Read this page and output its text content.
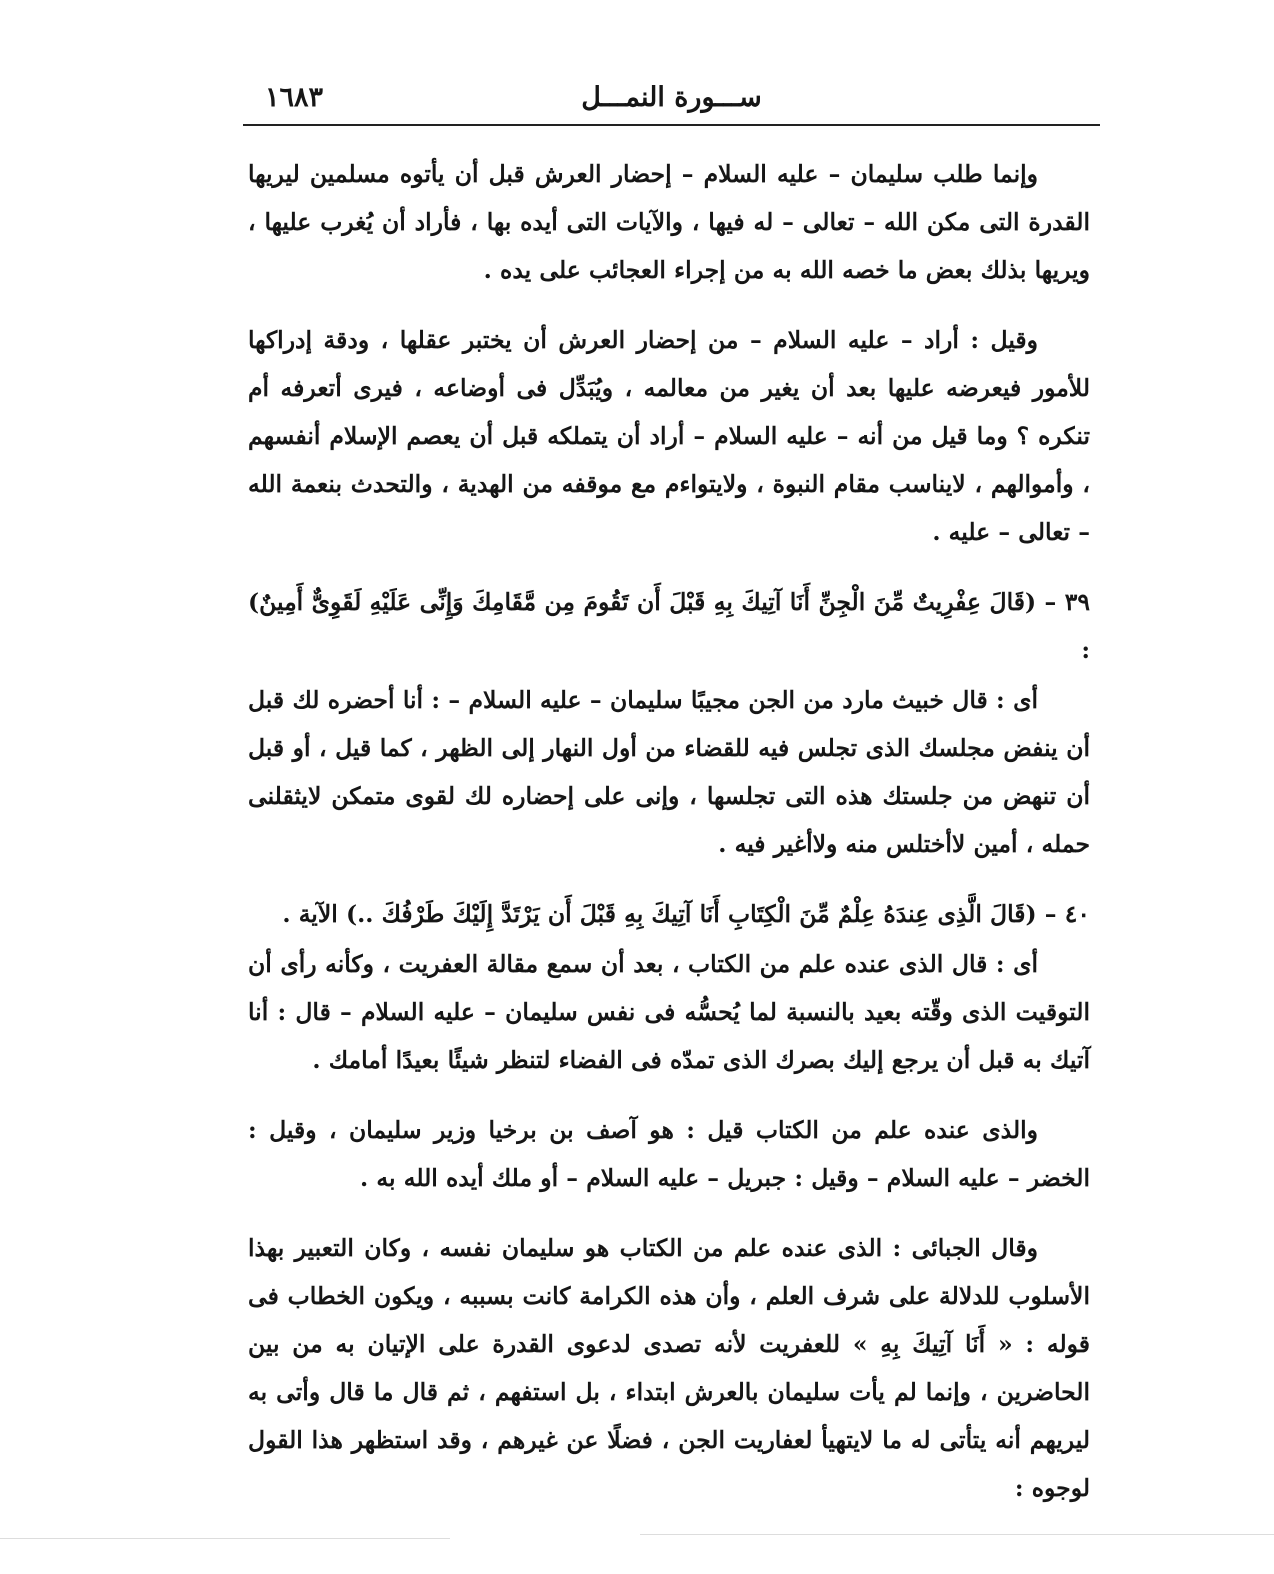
ســـورة النمـــل
١٦٨٣

وإنما طلب سليمان – عليه السلام – إحضار العرش قبل أن يأتوه مسلمين ليريها القدرة التى مكن الله – تعالى – له فيها ، والآيات التى أيده بها ، فأراد أن يُغرب عليها ، ويريها بذلك بعض ما خصه الله به من إجراء العجائب على يده .

وقيل : أراد – عليه السلام – من إحضار العرش أن يختبر عقلها ، ودقة إدراكها للأمور فيعرضه عليها بعد أن يغير من معالمه ، ويُبَدِّل فى أوضاعه ، فيرى أتعرفه أم تنكره ؟ وما قيل من أنه – عليه السلام – أراد أن يتملكه قبل أن يعصم الإسلام أنفسهم ، وأموالهم ، لايناسب مقام النبوة ، ولايتواءم مع موقفه من الهدية ، والتحدث بنعمة الله – تعالى – عليه .

٣٩ – (قَالَ عِفْرِيتٌ مِّنَ الْجِنِّ أَنَا آتِيكَ بِهِ قَبْلَ أَن تَقُومَ مِن مَّقَامِكَ وَإِنِّى عَلَيْهِ لَقَوِىٌّ أَمِينٌ) :

أى : قال خبيث مارد من الجن مجيبًا سليمان – عليه السلام – : أنا أحضره لك قبل أن ينفض مجلسك الذى تجلس فيه للقضاء من أول النهار إلى الظهر ، كما قيل ، أو قبل أن تنهض من جلستك هذه التى تجلسها ، وإنى على إحضاره لك لقوى متمكن لايثقلنى حمله ، أمين لاأختلس منه ولاأغير فيه .

٤٠ – (قَالَ الَّذِى عِندَهُ عِلْمٌ مِّنَ الْكِتَابِ أَنَا آتِيكَ بِهِ قَبْلَ أَن يَرْتَدَّ إِلَيْكَ طَرْفُكَ ..) الآية .

أى : قال الذى عنده علم من الكتاب ، بعد أن سمع مقالة العفريت ، وكأنه رأى أن التوقيت الذى وقّته بعيد بالنسبة لما يُحسُّه فى نفس سليمان – عليه السلام – قال : أنا آتيك به قبل أن يرجع إليك بصرك الذى تمدّه فى الفضاء لتنظر شيئًا بعيدًا أمامك .

والذى عنده علم من الكتاب قيل : هو آصف بن برخيا وزير سليمان ، وقيل : الخضر – عليه السلام – وقيل : جبريل – عليه السلام – أو ملك أيده الله به .

وقال الجبائى : الذى عنده علم من الكتاب هو سليمان نفسه ، وكان التعبير بهذا الأسلوب للدلالة على شرف العلم ، وأن هذه الكرامة كانت بسببه ، ويكون الخطاب فى قوله : « أَنَا آتِيكَ بِهِ » للعفريت لأنه تصدى لدعوى القدرة على الإتيان به من بين الحاضرين ، وإنما لم يأت سليمان بالعرش ابتداء ، بل استفهم ، ثم قال ما قال وأتى به ليريهم أنه يتأتى له ما لايتهيأ لعفاريت الجن ، فضلًا عن غيرهم ، وقد استظهر هذا القول لوجوه :
